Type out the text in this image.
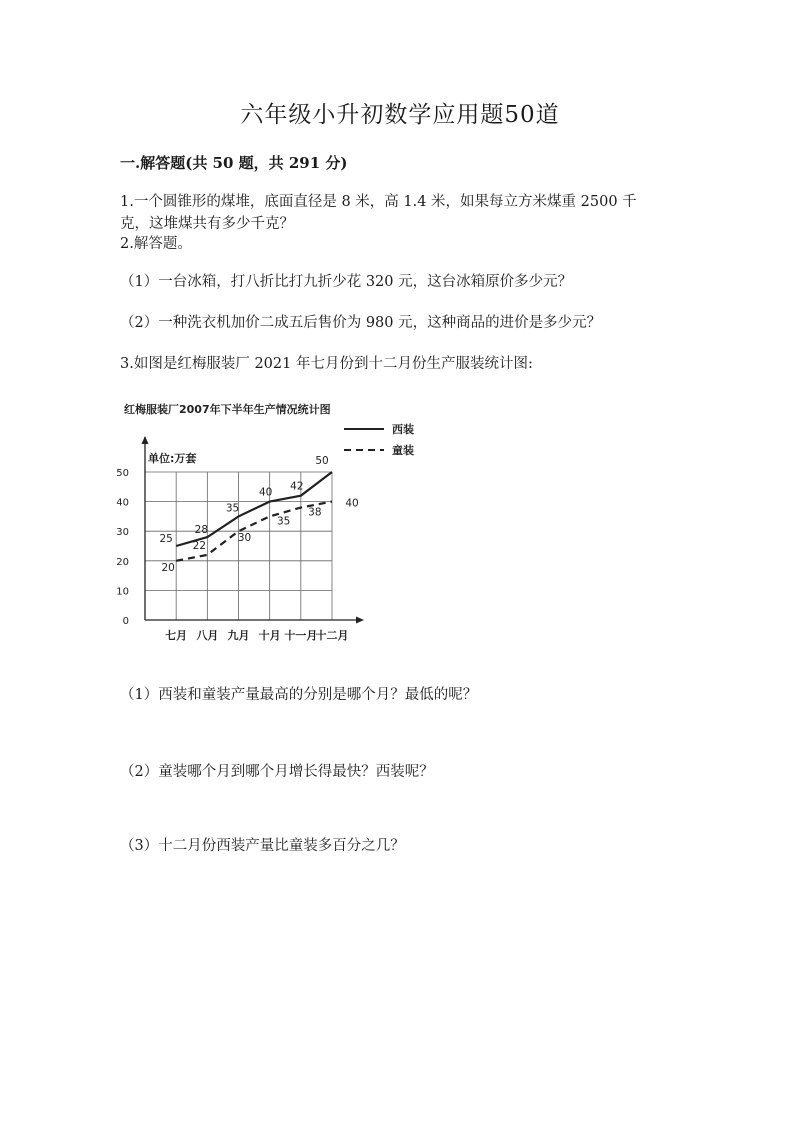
六年级小升初数学应用题50道
一.解答题(共 50 题，共 291 分)
1.一个圆锥形的煤堆，底面直径是 8 米，高 1.4 米，如果每立方米煤重 2500 千
克，这堆煤共有多少千克？
2.解答题。
（1）一台冰箱，打八折比打九折少花 320 元，这台冰箱原价多少元？
（2）一种洗衣机加价二成五后售价为 980 元，这种商品的进价是多少元？
3.如图是红梅服装厂 2021 年七月份到十二月份生产服装统计图:
红梅服装厂2007年下半年生产情况统计图
单位:万套
0
10
20
30
40
50
七月 八月 九月 十月 十一月
十二月
西装
童装
25
28
35
40 42
50
20
22
30
35
38
40
（1）西装和童装产量最高的分别是哪个月？最低的呢？
（2）童装哪个月到哪个月增长得最快？西装呢？
（3）十二月份西装产量比童装多百分之几？
